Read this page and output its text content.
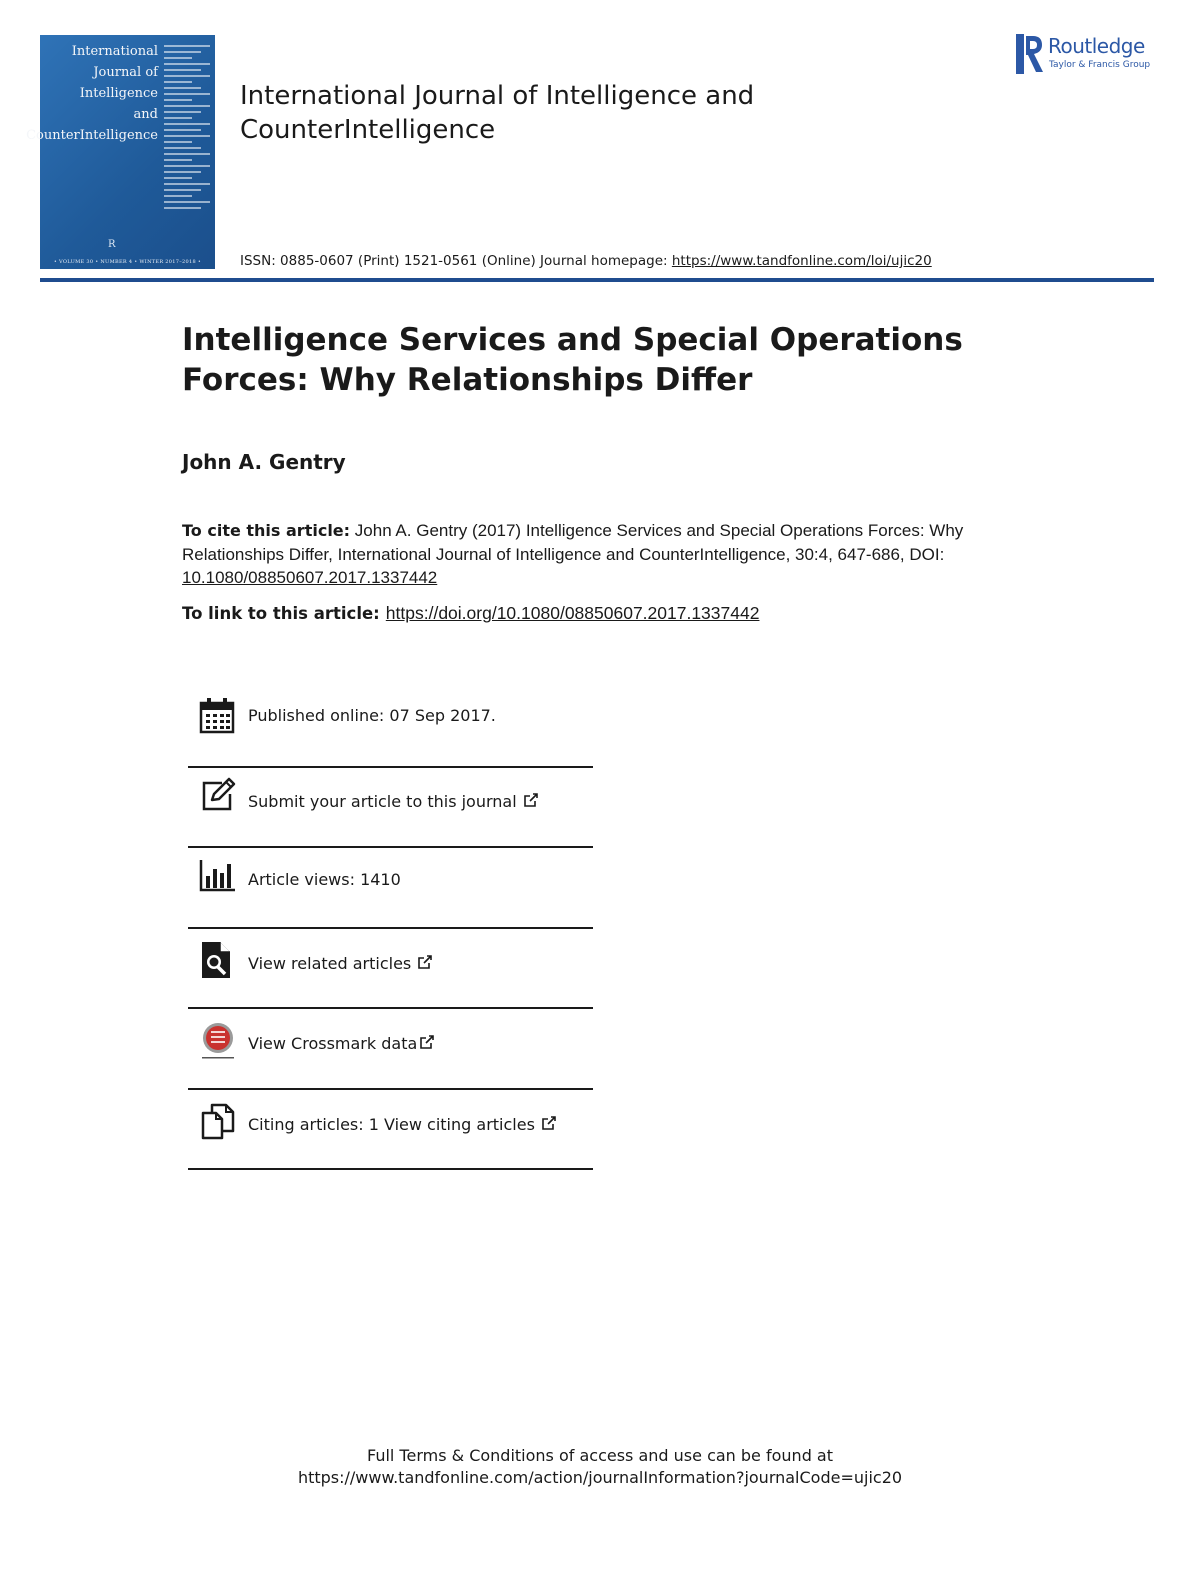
International
Journal of
Intelligence
and
CounterIntelligence
R
• VOLUME 30 • NUMBER 4 • WINTER 2017–2018 •
International Journal of Intelligence and CounterIntelligence
Routledge
Taylor & Francis Group
ISSN: 0885-0607 (Print) 1521-0561 (Online) Journal homepage: https://www.tandfonline.com/loi/ujic20
Intelligence Services and Special Operations Forces: Why Relationships Differ
John A. Gentry
To cite this article: John A. Gentry (2017) Intelligence Services and Special Operations Forces: Why Relationships Differ, International Journal of Intelligence and CounterIntelligence, 30:4, 647-686, DOI: 10.1080/08850607.2017.1337442
To link to this article: https://doi.org/10.1080/08850607.2017.1337442
Published online: 07 Sep 2017.
Submit your article to this journal
Article views: 1410
View related articles
View Crossmark data
Citing articles: 1 View citing articles
Full Terms & Conditions of access and use can be found at
https://www.tandfonline.com/action/journalInformation?journalCode=ujic20
